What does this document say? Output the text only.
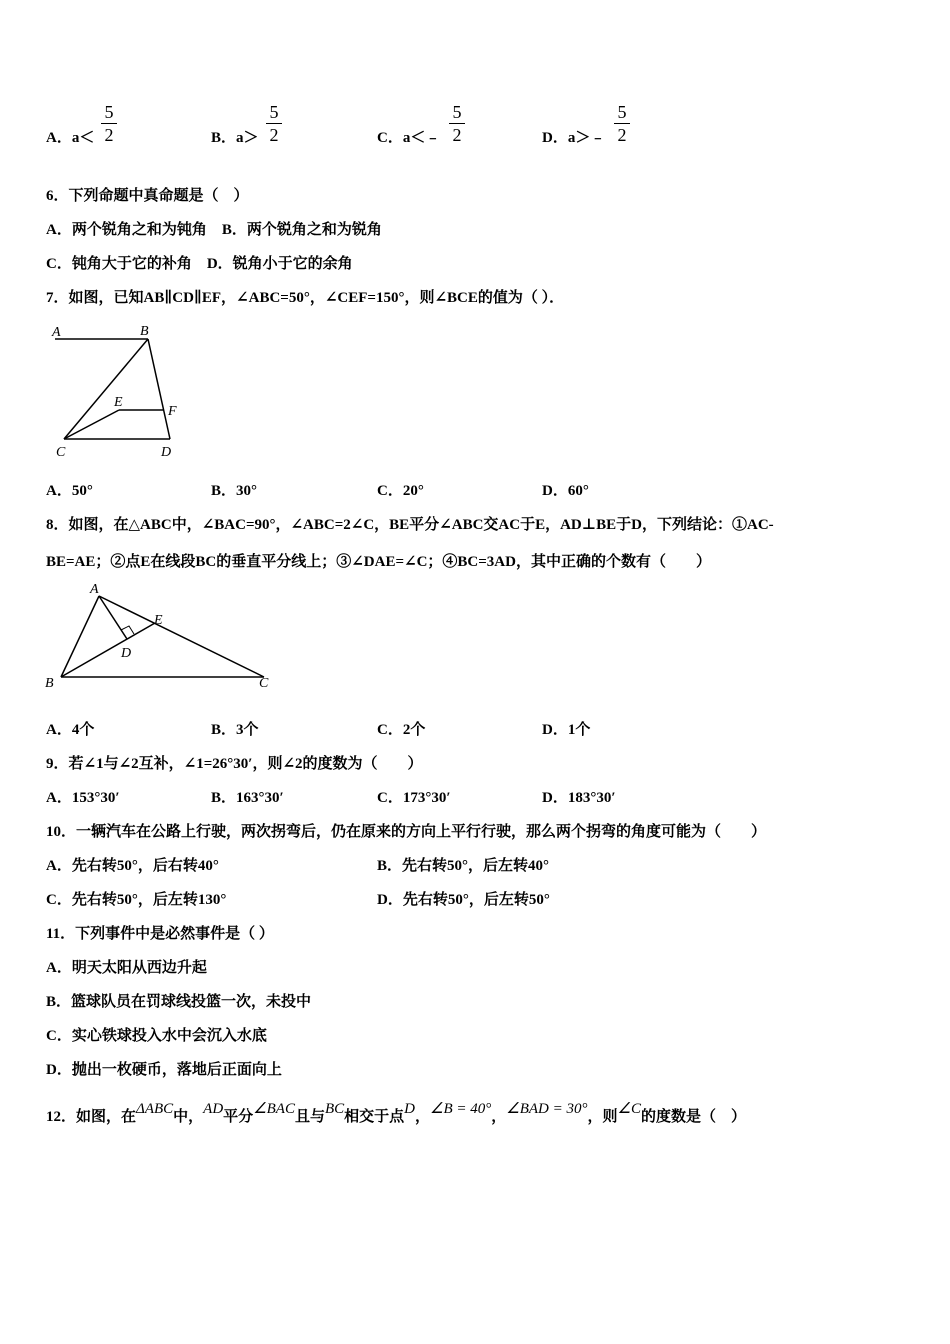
A．a＜
5
2	B．a＞
5
2	C．a＜﹣
5
2	D．a＞﹣
5
2
6．下列命题中真命题是（　）
A．两个锐角之和为钝角　B．两个锐角之和为锐角
C．钝角大于它的补角　D．锐角小于它的余角
7．如图，已知AB∥CD∥EF，∠ABC=50°，∠CEF=150°，则∠BCE的值为（ ）．
A	B
E
F
C	D
A．50°	B．30°	C．20°	D．60°
8．如图，在△ABC中，∠BAC=90°，∠ABC=2∠C，BE平分∠ABC交AC于E，AD⊥BE于D，下列结论：①AC-
BE=AE；②点E在线段BC的垂直平分线上；③∠DAE=∠C；④BC=3AD，其中正确的个数有（　　）
A
E
D
B	C
A．4个	B．3个	C．2个	D．1个
9．若∠1与∠2互补，∠1=26°30′，则∠2的度数为（　　）
A．153°30′	B．163°30′	C．173°30′	D．183°30′
10．一辆汽车在公路上行驶，两次拐弯后，仍在原来的方向上平行行驶，那么两个拐弯的角度可能为（　　）
A．先右转50°，后右转40°	B．先右转50°，后左转40°
C．先右转50°，后左转130°	D．先右转50°，后左转50°
11．下列事件中是必然事件是（ ）
A．明天太阳从西边升起
B．篮球队员在罚球线投篮一次，未投中
C．实心铁球投入水中会沉入水底
D．抛出一枚硬币，落地后正面向上
12．如图，在ΔABC中，AD平分∠BAC且与BC相交于点D，∠B = 40°，∠BAD = 30°，则∠C的度数是（　）
